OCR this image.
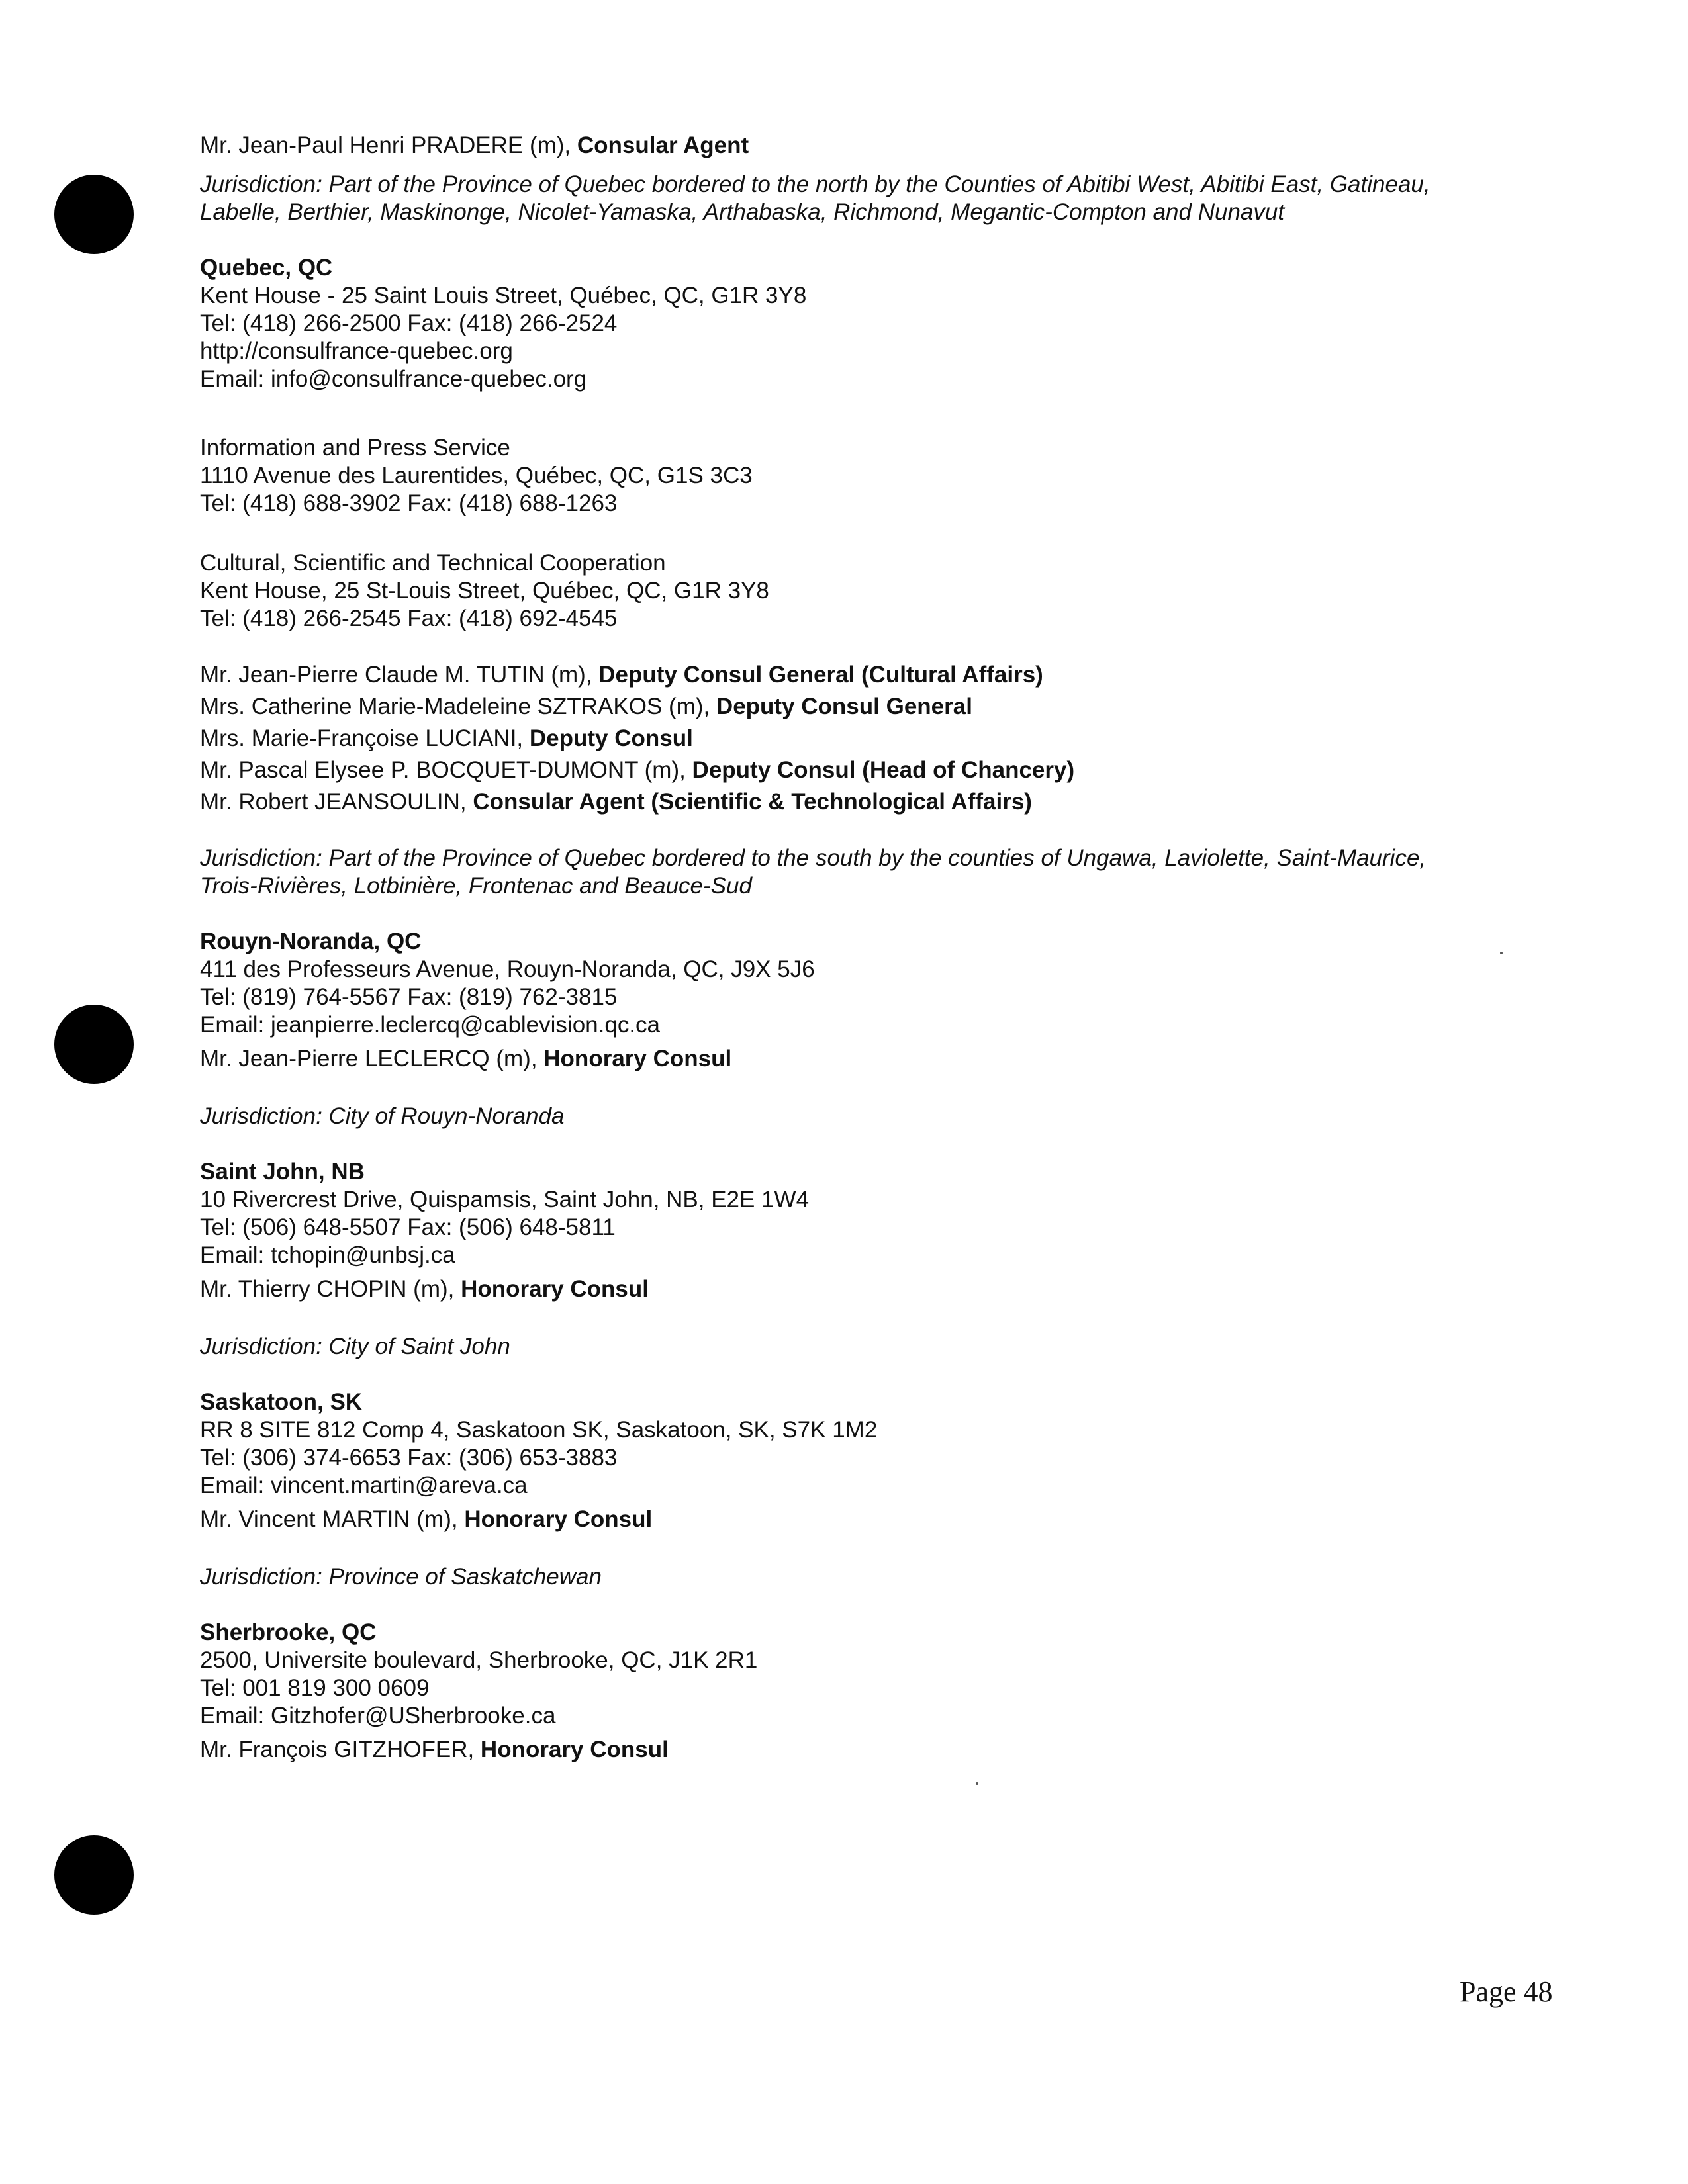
Mr. Jean-Paul Henri PRADERE (m), Consular Agent
Jurisdiction: Part of the Province of Quebec bordered to the north by the Counties of Abitibi West, Abitibi East, Gatineau,
Labelle, Berthier, Maskinonge, Nicolet-Yamaska, Arthabaska, Richmond, Megantic-Compton and Nunavut
Quebec, QC
Kent House - 25 Saint Louis Street, Québec, QC, G1R 3Y8
Tel: (418) 266-2500 Fax: (418) 266-2524
http://consulfrance-quebec.org
Email: info@consulfrance-quebec.org
Information and Press Service
1110 Avenue des Laurentides, Québec, QC, G1S 3C3
Tel: (418) 688-3902 Fax: (418) 688-1263
Cultural, Scientific and Technical Cooperation
Kent House, 25 St-Louis Street, Québec, QC, G1R 3Y8
Tel: (418) 266-2545 Fax: (418) 692-4545
Mr. Jean-Pierre Claude M. TUTIN (m), Deputy Consul General (Cultural Affairs)
Mrs. Catherine Marie-Madeleine SZTRAKOS (m), Deputy Consul General
Mrs. Marie-Françoise LUCIANI, Deputy Consul
Mr. Pascal Elysee P. BOCQUET-DUMONT (m), Deputy Consul (Head of Chancery)
Mr. Robert JEANSOULIN, Consular Agent (Scientific & Technological Affairs)
Jurisdiction: Part of the Province of Quebec bordered to the south by the counties of Ungawa, Laviolette, Saint-Maurice,
Trois-Rivières, Lotbinière, Frontenac and Beauce-Sud
Rouyn-Noranda, QC
411 des Professeurs Avenue, Rouyn-Noranda, QC, J9X 5J6
Tel: (819) 764-5567 Fax: (819) 762-3815
Email: jeanpierre.leclercq@cablevision.qc.ca
Mr. Jean-Pierre LECLERCQ (m), Honorary Consul
Jurisdiction: City of Rouyn-Noranda
Saint John, NB
10 Rivercrest Drive, Quispamsis, Saint John, NB, E2E 1W4
Tel: (506) 648-5507 Fax: (506) 648-5811
Email: tchopin@unbsj.ca
Mr. Thierry CHOPIN (m), Honorary Consul
Jurisdiction: City of Saint John
Saskatoon, SK
RR 8 SITE 812 Comp 4, Saskatoon SK, Saskatoon, SK, S7K 1M2
Tel: (306) 374-6653 Fax: (306) 653-3883
Email: vincent.martin@areva.ca
Mr. Vincent MARTIN (m), Honorary Consul
Jurisdiction: Province of Saskatchewan
Sherbrooke, QC
2500, Universite boulevard, Sherbrooke, QC, J1K 2R1
Tel: 001 819 300 0609
Email: Gitzhofer@USherbrooke.ca
Mr. François GITZHOFER, Honorary Consul
Page 48
